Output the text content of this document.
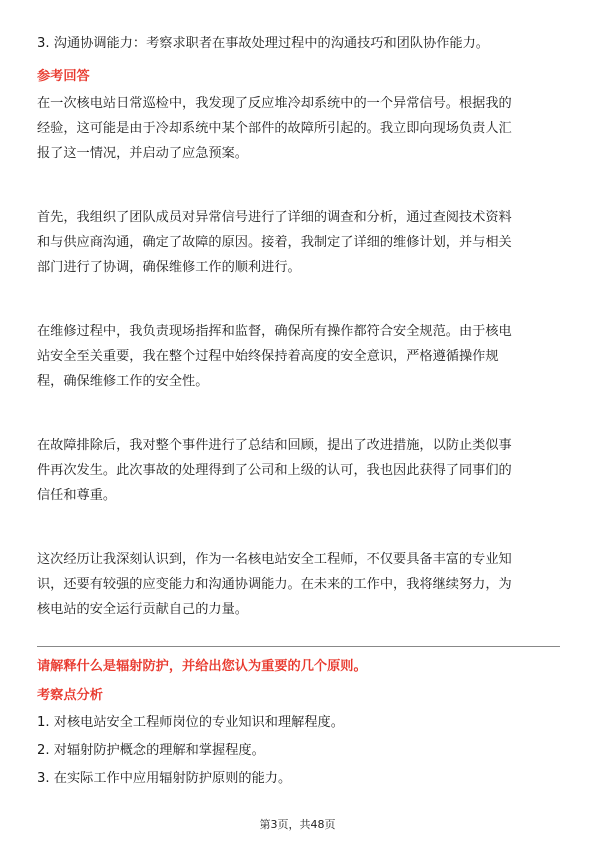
3. 沟通协调能力：考察求职者在事故处理过程中的沟通技巧和团队协作能力。
参考回答
在一次核电站日常巡检中，我发现了反应堆冷却系统中的一个异常信号。根据我的
经验，这可能是由于冷却系统中某个部件的故障所引起的。我立即向现场负责人汇
报了这一情况，并启动了应急预案。
首先，我组织了团队成员对异常信号进行了详细的调查和分析，通过查阅技术资料
和与供应商沟通，确定了故障的原因。接着，我制定了详细的维修计划，并与相关
部门进行了协调，确保维修工作的顺利进行。
在维修过程中，我负责现场指挥和监督，确保所有操作都符合安全规范。由于核电
站安全至关重要，我在整个过程中始终保持着高度的安全意识，严格遵循操作规
程，确保维修工作的安全性。
在故障排除后，我对整个事件进行了总结和回顾，提出了改进措施，以防止类似事
件再次发生。此次事故的处理得到了公司和上级的认可，我也因此获得了同事们的
信任和尊重。
这次经历让我深刻认识到，作为一名核电站安全工程师，不仅要具备丰富的专业知
识，还要有较强的应变能力和沟通协调能力。在未来的工作中，我将继续努力，为
核电站的安全运行贡献自己的力量。
请解释什么是辐射防护，并给出您认为重要的几个原则。
考察点分析
1. 对核电站安全工程师岗位的专业知识和理解程度。
2. 对辐射防护概念的理解和掌握程度。
3. 在实际工作中应用辐射防护原则的能力。
第3页，共48页
